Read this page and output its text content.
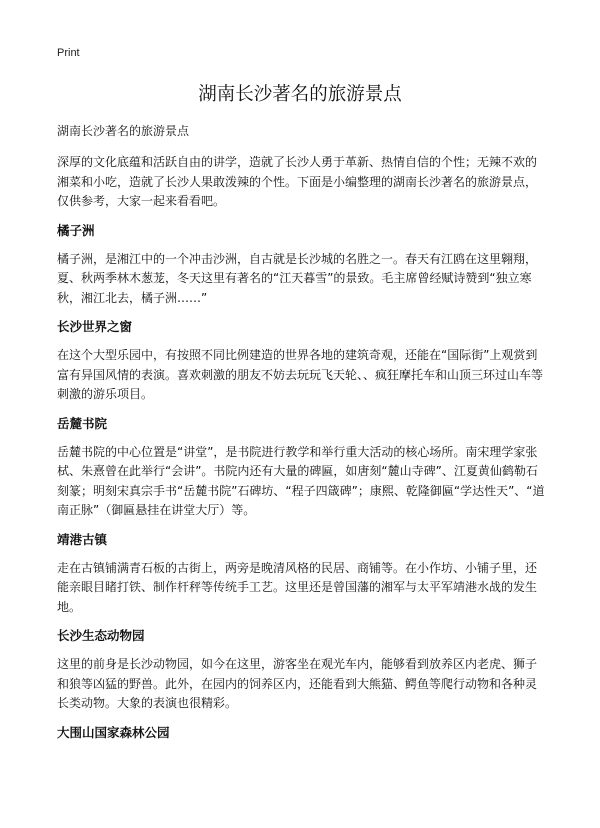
Print
湖南长沙著名的旅游景点

湖南长沙著名的旅游景点

深厚的文化底蕴和活跃自由的讲学，造就了长沙人勇于革新、热情自信的个性；无辣不欢的湘菜和小吃，造就了长沙人果敢泼辣的个性。下面是小编整理的湖南长沙著名的旅游景点，仅供参考，大家一起来看看吧。

橘子洲

橘子洲，是湘江中的一个冲击沙洲，自古就是长沙城的名胜之一。春天有江鸥在这里翱翔，夏、秋两季林木葱茏，冬天这里有著名的“江天暮雪”的景致。毛主席曾经赋诗赞到“独立寒秋，湘江北去，橘子洲……”

长沙世界之窗

在这个大型乐园中，有按照不同比例建造的世界各地的建筑奇观，还能在“国际街”上观赏到富有异国风情的表演。喜欢刺激的朋友不妨去玩玩飞天轮、、疯狂摩托车和山顶三环过山车等刺激的游乐项目。

岳麓书院

岳麓书院的中心位置是“讲堂”，是书院进行教学和举行重大活动的核心场所。南宋理学家张栻、朱熹曾在此举行“会讲”。书院内还有大量的碑匾，如唐刻“麓山寺碑”、江夏黄仙鹤勒石刻篆；明刻宋真宗手书“岳麓书院”石碑坊、“程子四箴碑”；康熙、乾隆御匾“学达性天”、“道南正脉”（御匾悬挂在讲堂大厅）等。

靖港古镇

走在古镇铺满青石板的古街上，两旁是晚清风格的民居、商铺等。在小作坊、小铺子里，还能亲眼目睹打铁、制作杆秤等传统手工艺。这里还是曾国藩的湘军与太平军靖港水战的发生地。

长沙生态动物园

这里的前身是长沙动物园，如今在这里，游客坐在观光车内，能够看到放养区内老虎、狮子和狼等凶猛的野兽。此外，在园内的饲养区内，还能看到大熊猫、鳄鱼等爬行动物和各种灵长类动物。大象的表演也很精彩。

大围山国家森林公园
